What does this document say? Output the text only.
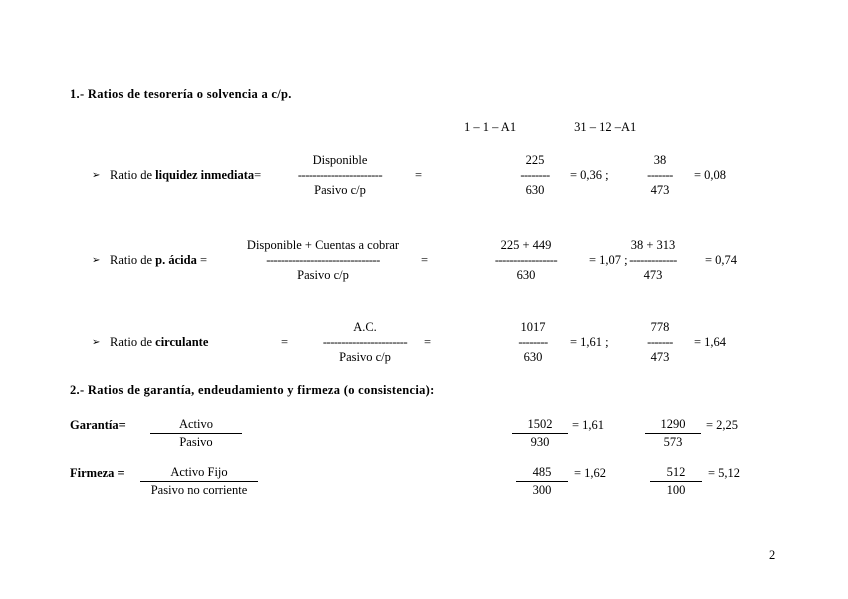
1.- Ratios de tesorería o solvencia a c/p.
1 – 1 – A1	31 – 12 –A1
➢ Ratio de liquidez inmediata=
Disponible
-----------------------
Pasivo c/p
=
225
--------
630
= 0,36 ;
38
-------
473
= 0,08
➢ Ratio de p. ácida =
Disponible + Cuentas a cobrar
-------------------------------
Pasivo c/p
=
225 + 449
-----------------
630
= 1,07 ;
38 + 313
-------------
473
= 0,74
➢ Ratio de circulante	=
A.C.
-----------------------
Pasivo c/p
=
1017
--------
630
= 1,61 ;
778
-------
473
= 1,64
2.- Ratios de garantía, endeudamiento y firmeza (o consistencia):
Garantía=	Activo
Pasivo	$\frac{1502}{930} = 1,61$	$\frac{1290}{573} = 2,25$
Firmeza =	Activo Fijo
Pasivo no corriente	$\frac{485}{300} = 1,62$	$\frac{512}{100} = 5,12$
2
